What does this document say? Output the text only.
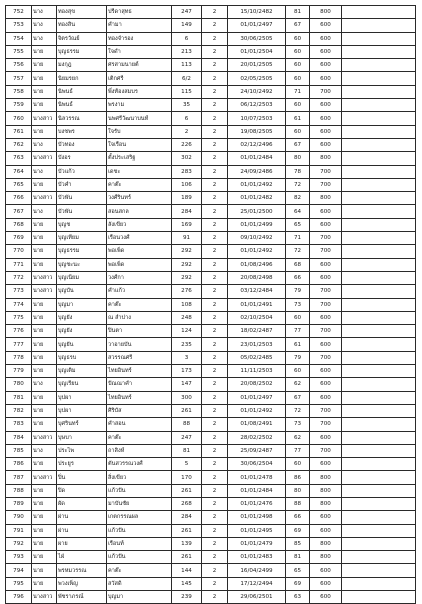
752	นาง	ทองสุข	ปรีดาสุทธ	247	2	15/10/2482	81	800	
753	นาง	ทองสิน	คำมา	149	2	01/01/2497	67	600	
754	นาง	จิตรวัณย์	ทองจำรอง	6	2	30/06/2505	60	600	
755	นาย	บุญธรรม	ใจดำ	213	2	01/01/2504	60	600	
756	นาย	มงกุฎ	ศรสามนายต์	113	2	20/01/2505	60	600	
757	นาย	นิยมรยก	เติกศรี	6/2	2	02/05/2505	60	600	
758	นาย	นิพนธ์	พึ่งท้องสมบร	115	2	24/10/2492	71	700	
759	นาย	นิพนธ์	พรงาม	35	2	06/12/2503	60	600	
760	นางสาว	นิลวรรณ	นพศรีวัฒนาบนท์	6	2	10/07/2503	61	600	
761	นาย	บงชพร	ใจรับ	2	2	19/08/2505	60	600	
762	นาง	บัวทอง	ใจเรือน	226	2	02/12/2496	67	600	
763	นางสาว	บังอร	ตั้งประเสริฐ	302	2	01/01/2484	80	800	
764	นาง	บัวแก้ว	เดชะ	283	2	24/09/2486	78	700	
765	นาย	บัวคำ	คาต๊ะ	106	2	01/01/2492	72	700	
766	นางสาว	บัวพัน	วงศ์รินทร์	189	2	01/01/2482	82	800	
767	นาง	บัวพัน	สอนสกล	284	2	25/01/2500	64	600	
768	นาย	บุญช	ลังเขียว	169	2	01/01/2499	65	600	
769	นาย	บุญเทียม	เรือนวงศ์	91	2	09/10/2492	71	700	
770	นาย	บุญธรรม	พอเพ็ด	292	2	01/01/2492	72	700	
771	นาย	บุญชะนะ	พอเพ็ด	292	2	01/08/2496	68	600	
772	นางสาว	บุญเนียม	วงศ์กา	292	2	20/08/2498	66	600	
773	นางสาว	บุญบัน	คำแก้ว	276	2	03/12/2484	79	700	
774	นาย	บุญมา	คาต๊ะ	108	2	01/01/2491	73	700	
775	นาย	บุญยัง	ณ ลำปาง	248	2	02/10/2504	60	600	
776	นาย	บุญยัง	ปินตา	124	2	18/02/2487	77	700	
777	นาย	บุญยัน	วาอายบัน	235	2	23/01/2503	61	600	
778	นาย	บุญธรบ	สวรรณศรี	3	2	05/02/2485	79	700	
779	นาย	บุญเติม	ไทยอินทร์	173	2	11/11/2503	60	600	
780	นาง	บุญเรียน	ปัณณาคำ	147	2	20/08/2502	62	600	
781	นาย	บุปผา	ไทยอินทร์	300	2	01/01/2497	67	600	
782	นาย	บุปผา	ศิริบัส	261	2	01/01/2492	72	700	
783	นาย	บุศรินทร์	คำสอน	88	2	01/08/2491	73	700	
784	นางสาว	บุษบา	คาต๊ะ	247	2	28/02/2502	62	600	
785	นาง	ประไพ	ถาสิงห์	81	2	25/09/2487	77	700	
786	นาย	ประยูร	ตันสวรรณวงศ์	5	2	30/06/2504	60	600	
787	นางสาว	ปิ่น	สิ่งเขียว	170	2	01/01/2478	86	800	
788	นาย	ปิด	แก้วปัน	261	2	01/01/2484	80	800	
789	นาย	ผัด	มาบันชัย	268	2	01/01/2476	88	800	
790	นาย	ผ่าน	เกตกรรณผล	284	2	01/01/2498	66	600	
791	นาย	ผ่าน	แก้วปัน	261	2	01/01/2495	69	600	
792	นาย	ผาย	เรือนท์	139	2	01/01/2479	85	800	
793	นาย	ไฝ่	แก้วปัน	261	2	01/01/2483	81	800	
794	นาย	พรหมวรรณ	คาต๊ะ	144	2	16/04/2499	65	600	
795	นาย	พวงเพ็ญ	สวัสดิ	145	2	17/12/2494	69	600	
796	นางสาว	พัชราภรณ์	บุญมา	239	2	29/06/2501	63	600	
